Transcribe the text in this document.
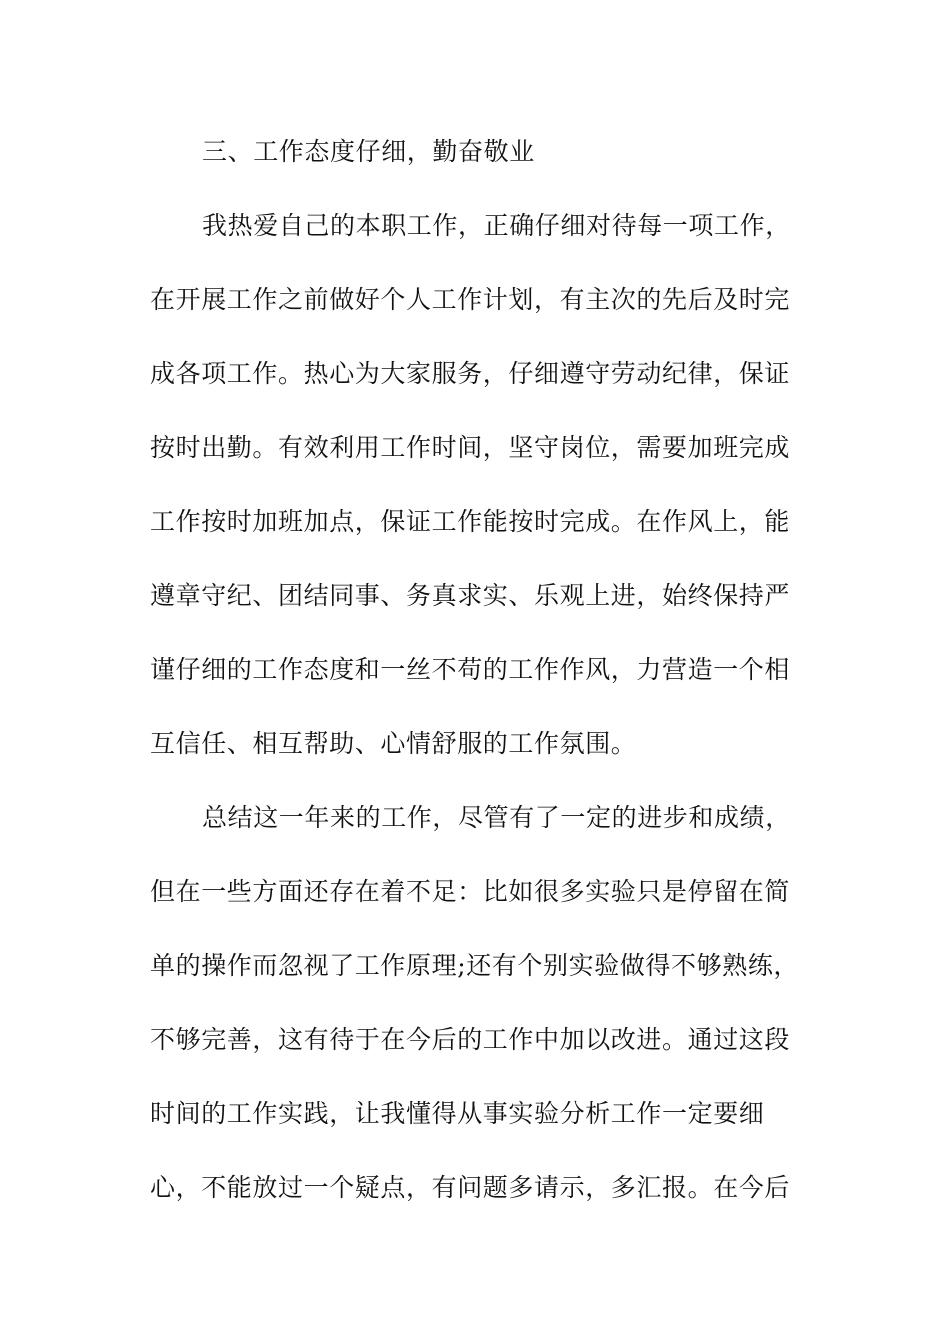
三、工作态度仔细，勤奋敬业
我热爱自己的本职工作，正确仔细对待每一项工作，
在开展工作之前做好个人工作计划，有主次的先后及时完
成各项工作。热心为大家服务，仔细遵守劳动纪律，保证
按时出勤。有效利用工作时间，坚守岗位，需要加班完成
工作按时加班加点，保证工作能按时完成。在作风上，能
遵章守纪、团结同事、务真求实、乐观上进，始终保持严
谨仔细的工作态度和一丝不苟的工作作风，力营造一个相
互信任、相互帮助、心情舒服的工作氛围。
总结这一年来的工作，尽管有了一定的进步和成绩，
但在一些方面还存在着不足：比如很多实验只是停留在简
单的操作而忽视了工作原理;还有个别实验做得不够熟练，
不够完善，这有待于在今后的工作中加以改进。通过这段
时间的工作实践，让我懂得从事实验分析工作一定要细
心，不能放过一个疑点，有问题多请示，多汇报。在今后
